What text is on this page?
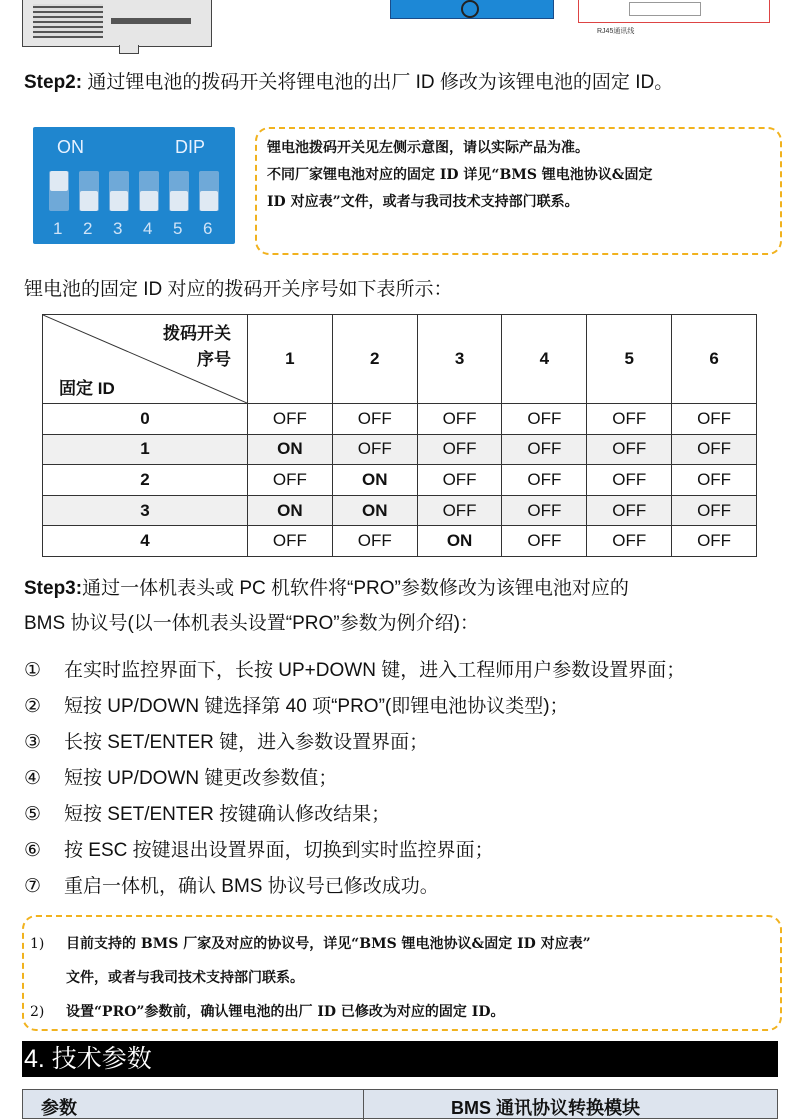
RJ45通讯线
Step2: 通过锂电池的拨码开关将锂电池的出厂 ID 修改为该锂电池的固定 ID。
ON	DIP
1 2 3 4 5 6
锂电池拨码开关见左侧示意图，请以实际产品为准。
不同厂家锂电池对应的固定 ID 详见“BMS 锂电池协议&固定
ID 对应表”文件，或者与我司技术支持部门联系。
锂电池的固定 ID 对应的拨码开关序号如下表所示：
拨码开关
序号
固定 ID	1	2	3	4	5	6
0	OFF	OFF	OFF	OFF	OFF	OFF
1	ON	OFF	OFF	OFF	OFF	OFF
2	OFF	ON	OFF	OFF	OFF	OFF
3	ON	ON	OFF	OFF	OFF	OFF
4	OFF	OFF	ON	OFF	OFF	OFF
Step3:通过一体机表头或 PC 机软件将“PRO”参数修改为该锂电池对应的
BMS 协议号(以一体机表头设置“PRO”参数为例介绍)：
① 在实时监控界面下，长按 UP+DOWN 键，进入工程师用户参数设置界面；
② 短按 UP/DOWN 键选择第 40 项“PRO”(即锂电池协议类型)；
③ 长按 SET/ENTER 键，进入参数设置界面；
④ 短按 UP/DOWN 键更改参数值；
⑤ 短按 SET/ENTER 按键确认修改结果；
⑥ 按 ESC 按键退出设置界面，切换到实时监控界面；
⑦ 重启一体机，确认 BMS 协议号已修改成功。
1) 目前支持的 BMS 厂家及对应的协议号，详见“BMS 锂电池协议&固定 ID 对应表”
文件，或者与我司技术支持部门联系。
2) 设置“PRO”参数前，确认锂电池的出厂 ID 已修改为对应的固定 ID。
4. 技术参数
参数	BMS 通讯协议转换模块
